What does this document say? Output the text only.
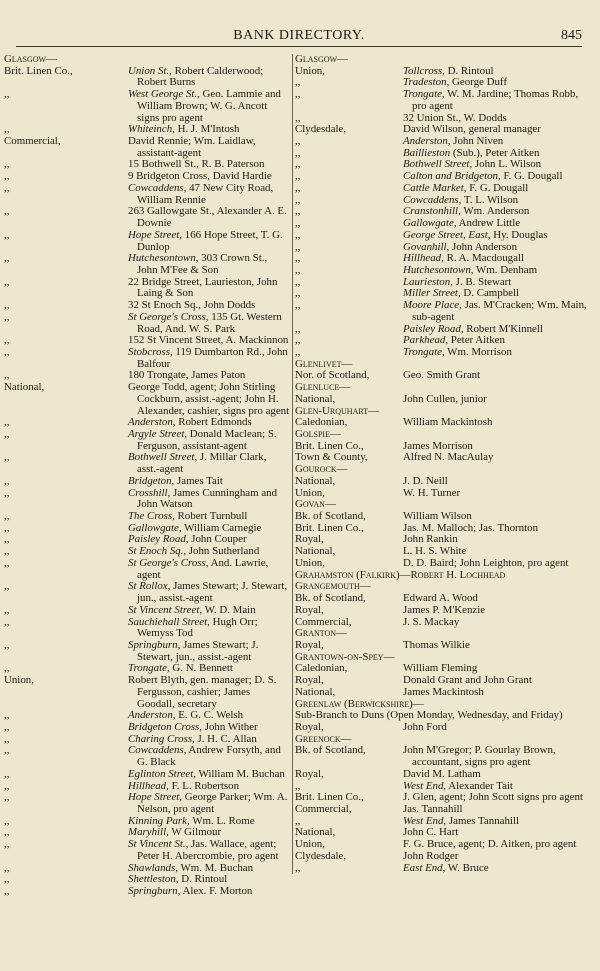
BANK DIRECTORY.	845
Glasgow—
Brit. Linen Co.,	Union St., Robert Calderwood; Robert Burns
,,	West George St., Geo. Lammie and William Brown; W. G. Ancott signs pro agent
,,	Whiteinch, H. J. M'Intosh
Commercial,	David Rennie; Wm. Laidlaw, assistant-agent
,,	15 Bothwell St., R. B. Paterson
,,	9 Bridgeton Cross, David Hardie
,,	Cowcaddens, 47 New City Road, William Rennie
,,	263 Gallowgate St., Alexander A. E. Downie
,,	Hope Street, 166 Hope Street, T. G. Dunlop
,,	Hutchesontown, 303 Crown St., John M'Fee & Son
,,	22 Bridge Street, Laurieston, John Laing & Son
,,	32 St Enoch Sq., John Dodds
,,	St George's Cross, 135 Gt. Western Road, And. W. S. Park
,,	152 St Vincent Street, A. Mackinnon
,,	Stobcross, 119 Dumbarton Rd., John Balfour
,,	180 Trongate, James Paton
National,	George Todd, agent; John Stirling Cockburn, assist.-agent; John H. Alexander, cashier, signs pro agent
,,	Anderston, Robert Edmonds
,,	Argyle Street, Donald Maclean; S. Ferguson, assistant-agent
,,	Bothwell Street, J. Millar Clark, asst.-agent
,,	Bridgeton, James Tait
,,	Crosshill, James Cunningham and John Watson
,,	The Cross, Robert Turnbull
,,	Gallowgate, William Carnegie
,,	Paisley Road, John Couper
,,	St Enoch Sq., John Sutherland
,,	St George's Cross, And. Lawrie, agent
,,	St Rollox, James Stewart; J. Stewart, jun., assist.-agent
,,	St Vincent Street, W. D. Main
,,	Sauchiehall Street, Hugh Orr; Wemyss Tod
,,	Springburn, James Stewart; J. Stewart, jun., assist.-agent
,,	Trongate, G. N. Bennett
Union,	Robert Blyth, gen. manager; D. S. Fergusson, cashier; James Goodall, secretary
,,	Anderston, E. G. C. Welsh
,,	Bridgeton Cross, John Wither
,,	Charing Cross, J. H. C. Allan
,,	Cowcaddens, Andrew Forsyth, and G. Black
,,	Eglinton Street, William M. Buchan
,,	Hillhead, F. L. Robertson
,,	Hope Street, George Parker; Wm. A. Nelson, pro agent
,,	Kinning Park, Wm. L. Rome
,,	Maryhill, W Gilmour
,,	St Vincent St., Jas. Wallace, agent; Peter H. Abercrombie, pro agent
,,	Shawlands, Wm. M. Buchan
,,	Shettleston, D. Rintoul
,,	Springburn, Alex. F. Morton
Glasgow—
Union,	Tollcross, D. Rintoul
,,	Tradeston, George Duff
,,	Trongate, W. M. Jardine; Thomas Robb, pro agent
,,	32 Union St., W. Dodds
Clydesdale,	David Wilson, general manager
,,	Anderston, John Niven
,,	Baillieston (Sub.), Peter Aitken
,,	Bothwell Street, John L. Wilson
,,	Calton and Bridgeton, F. G. Dougall
,,	Cattle Market, F. G. Dougall
,,	Cowcaddens, T. L. Wilson
,,	Cranstonhill, Wm. Anderson
,,	Gallowgate, Andrew Little
,,	George Street, East, Hy. Douglas
,,	Govanhill, John Anderson
,,	Hillhead, R. A. Macdougall
,,	Hutchesontown, Wm. Denham
,,	Laurieston, J. B. Stewart
,,	Miller Street, D. Campbell
,,	Moore Place, Jas. M'Cracken; Wm. Main, sub-agent
,,	Paisley Road, Robert M'Kinnell
,,	Parkhead, Peter Aitken
,,	Trongate, Wm. Morrison
Glenlivet—
Nor. of Scotland,	Geo. Smith Grant
Glenluce—
National,	John Cullen, junior
Glen-Urquhart—
Caledonian,	William Mackintosh
Golspie—
Brit. Linen Co.,	James Morrison
Town & County,	Alfred N. MacAulay
Gourock—
National,	J. D. Neill
Union,	W. H. Turner
Govan—
Bk. of Scotland,	William Wilson
Brit. Linen Co.,	Jas. M. Malloch; Jas. Thornton
Royal,	John Rankin
National,	L. H. S. White
Union,	D. D. Baird; John Leighton, pro agent
Grahamston (Falkirk)—Robert H. Lochhead
Grangemouth—
Bk. of Scotland,	Edward A. Wood
Royal,	James P. M'Kenzie
Commercial,	J. S. Mackay
Granton—
Royal,	Thomas Wilkie
Grantown-on-Spey—
Caledonian,	William Fleming
Royal,	Donald Grant and John Grant
National,	James Mackintosh
Greenlaw (Berwickshire)—
Sub-Branch to Duns (Open Monday, Wednesday, and Friday)
Royal,	John Ford
Greenock—
Bk. of Scotland,	John M'Gregor; P. Gourlay Brown, accountant, signs pro agent
Royal,	David M. Latham
,,	West End, Alexander Tait
Brit. Linen Co.,	J. Glen, agent; John Scott signs pro agent
Commercial,	Jas. Tannahill
,,	West End, James Tannahill
National,	John C. Hart
Union,	F. G. Bruce, agent; D. Aitken, pro agent
Clydesdale,	John Rodger
,,	East End, W. Bruce
